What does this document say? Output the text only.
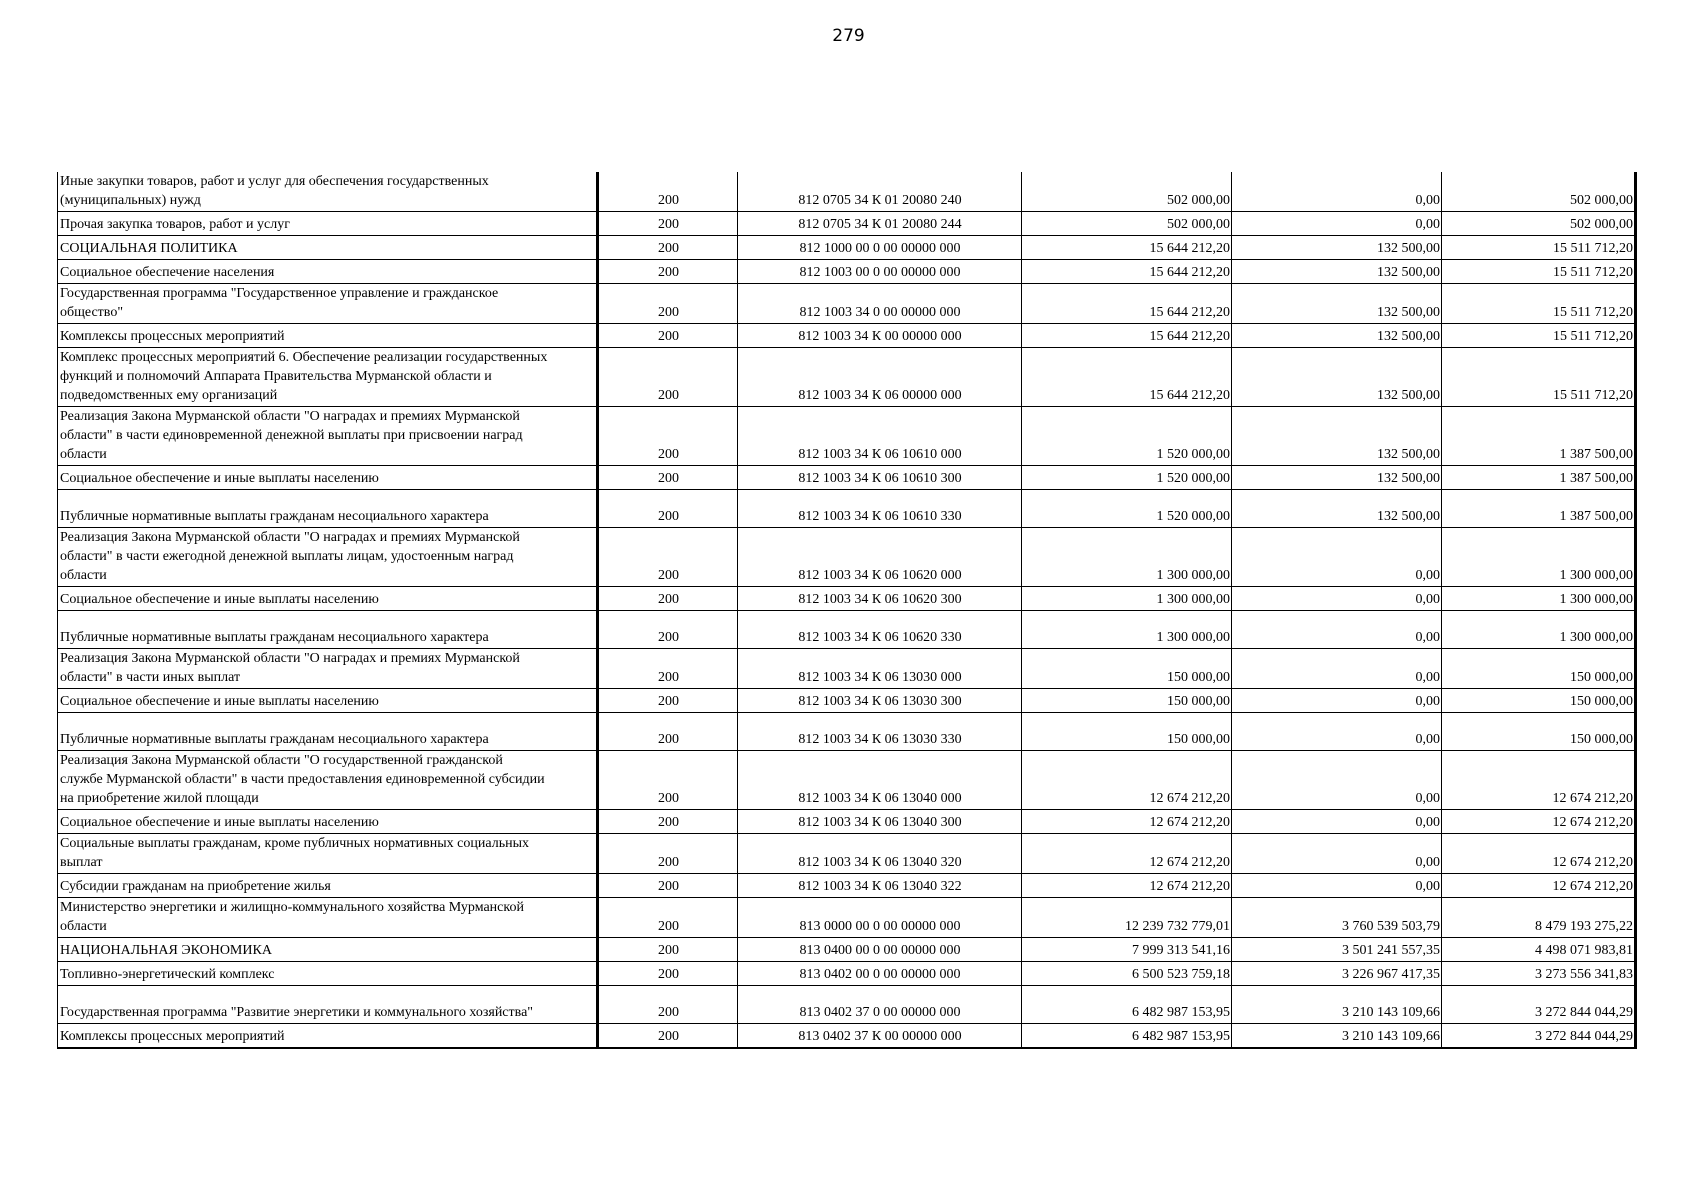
279
Иные закупки товаров, работ и услуг для обеспечения государственных
(муниципальных) нужд	200	812 0705 34 К 01 20080 240	502 000,00	0,00	502 000,00

Прочая закупка товаров, работ и услуг	200	812 0705 34 К 01 20080 244	502 000,00	0,00	502 000,00

СОЦИАЛЬНАЯ ПОЛИТИКА	200	812 1000 00 0 00 00000 000	15 644 212,20	132 500,00	15 511 712,20

Социальное обеспечение населения	200	812 1003 00 0 00 00000 000	15 644 212,20	132 500,00	15 511 712,20

Государственная программа "Государственное управление и гражданское
общество"	200	812 1003 34 0 00 00000 000	15 644 212,20	132 500,00	15 511 712,20

Комплексы процессных мероприятий	200	812 1003 34 К 00 00000 000	15 644 212,20	132 500,00	15 511 712,20

Комплекс процессных мероприятий 6. Обеспечение реализации государственных
функций и полномочий Аппарата Правительства Мурманской области и
подведомственных ему организаций	200	812 1003 34 К 06 00000 000	15 644 212,20	132 500,00	15 511 712,20

Реализация Закона Мурманской области "О наградах и премиях Мурманской
области" в части единовременной денежной выплаты при присвоении наград
области	200	812 1003 34 К 06 10610 000	1 520 000,00	132 500,00	1 387 500,00

Социальное обеспечение и иные выплаты населению	200	812 1003 34 К 06 10610 300	1 520 000,00	132 500,00	1 387 500,00

Публичные нормативные выплаты гражданам несоциального характера	200	812 1003 34 К 06 10610 330	1 520 000,00	132 500,00	1 387 500,00

Реализация Закона Мурманской области "О наградах и премиях Мурманской
области" в части ежегодной денежной выплаты лицам, удостоенным наград
области	200	812 1003 34 К 06 10620 000	1 300 000,00	0,00	1 300 000,00

Социальное обеспечение и иные выплаты населению	200	812 1003 34 К 06 10620 300	1 300 000,00	0,00	1 300 000,00

Публичные нормативные выплаты гражданам несоциального характера	200	812 1003 34 К 06 10620 330	1 300 000,00	0,00	1 300 000,00

Реализация Закона Мурманской области "О наградах и премиях Мурманской
области" в части иных выплат	200	812 1003 34 К 06 13030 000	150 000,00	0,00	150 000,00

Социальное обеспечение и иные выплаты населению	200	812 1003 34 К 06 13030 300	150 000,00	0,00	150 000,00

Публичные нормативные выплаты гражданам несоциального характера	200	812 1003 34 К 06 13030 330	150 000,00	0,00	150 000,00

Реализация Закона Мурманской области "О государственной гражданской
службе Мурманской области" в части предоставления единовременной субсидии
на приобретение жилой площади	200	812 1003 34 К 06 13040 000	12 674 212,20	0,00	12 674 212,20

Социальное обеспечение и иные выплаты населению	200	812 1003 34 К 06 13040 300	12 674 212,20	0,00	12 674 212,20

Социальные выплаты гражданам, кроме публичных нормативных социальных
выплат	200	812 1003 34 К 06 13040 320	12 674 212,20	0,00	12 674 212,20

Субсидии гражданам на приобретение жилья	200	812 1003 34 К 06 13040 322	12 674 212,20	0,00	12 674 212,20

Министерство энергетики и жилищно-коммунального хозяйства Мурманской
области	200	813 0000 00 0 00 00000 000	12 239 732 779,01	3 760 539 503,79	8 479 193 275,22

НАЦИОНАЛЬНАЯ ЭКОНОМИКА	200	813 0400 00 0 00 00000 000	7 999 313 541,16	3 501 241 557,35	4 498 071 983,81

Топливно-энергетический комплекс	200	813 0402 00 0 00 00000 000	6 500 523 759,18	3 226 967 417,35	3 273 556 341,83

Государственная программа "Развитие энергетики и коммунального хозяйства"	200	813 0402 37 0 00 00000 000	6 482 987 153,95	3 210 143 109,66	3 272 844 044,29

Комплексы процессных мероприятий	200	813 0402 37 К 00 00000 000	6 482 987 153,95	3 210 143 109,66	3 272 844 044,29
